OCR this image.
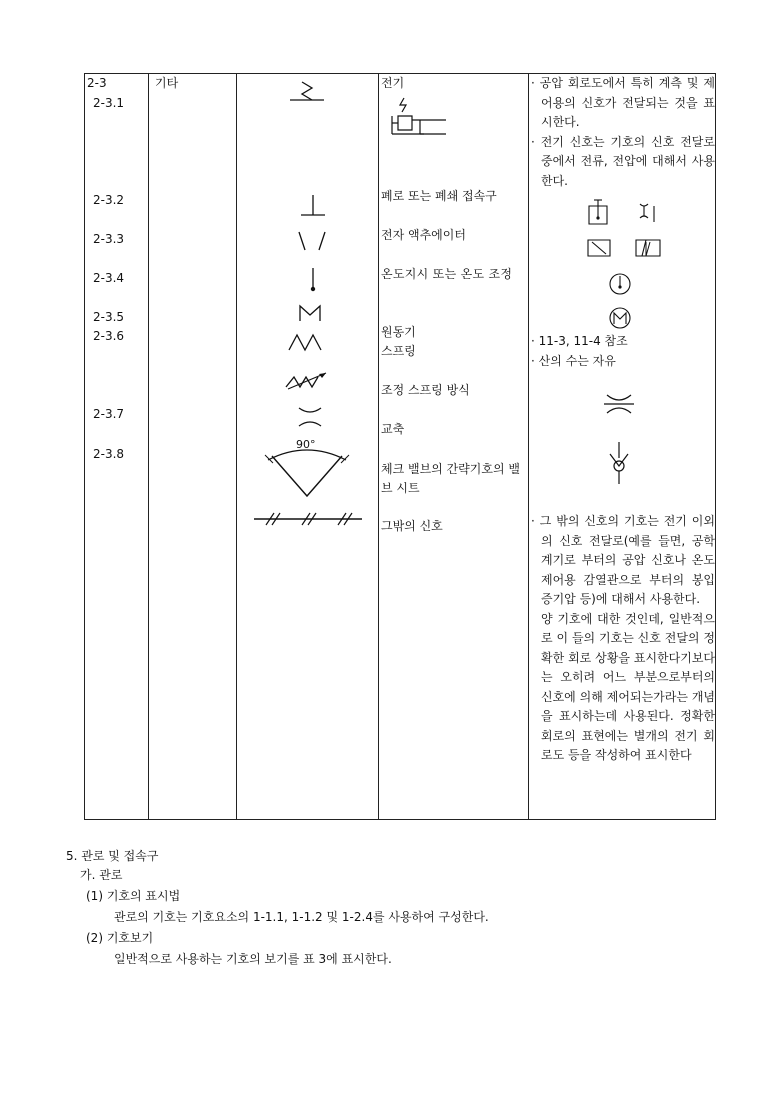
2-3
2-3.1
2-3.2
2-3.3
2-3.4
2-3.5
2-3.6
2-3.7
2-3.8
기타
90°
전기
폐로 또는 폐쇄 접속구
전자 액추에이터
온도지시 또는 온도 조정
원동기
스프링
조정 스프링 방식
교축
체크 밸브의 간략기호의 밸브 시트
그밖의 신호
· 공압 회로도에서 특히 계측 및 제어용의 신호가 전달되는 것을 표시한다.
· 전기 신호는 기호의 신호 전달로 중에서 전류, 전압에 대해서 사용한다.
· 11-3, 11-4 참조
· 산의 수는 자유
· 그 밖의 신호의 기호는 전기 이외의 신호 전달로(예를 들면, 공학 계기로 부터의 공압 신호나 온도 제어용 감열관으로 부터의 봉입 증기압 등)에 대해서 사용한다.
양 기호에 대한 것인데, 일반적으로 이 들의 기호는 신호 전달의 정확한 회로 상황을 표시한다기보다는 오히려 어느 부분으로부터의 신호에 의해 제어되는가라는 개념을 표시하는데 사용된다. 정확한 회로의 표현에는 별개의 전기 회로도 등을 작성하여 표시한다
5. 관로 및 접속구
가. 관로
(1) 기호의 표시법
관로의 기호는 기호요소의 1-1.1, 1-1.2 및 1-2.4를 사용하여 구성한다.
(2) 기호보기
일반적으로 사용하는 기호의 보기를 표 3에 표시한다.
